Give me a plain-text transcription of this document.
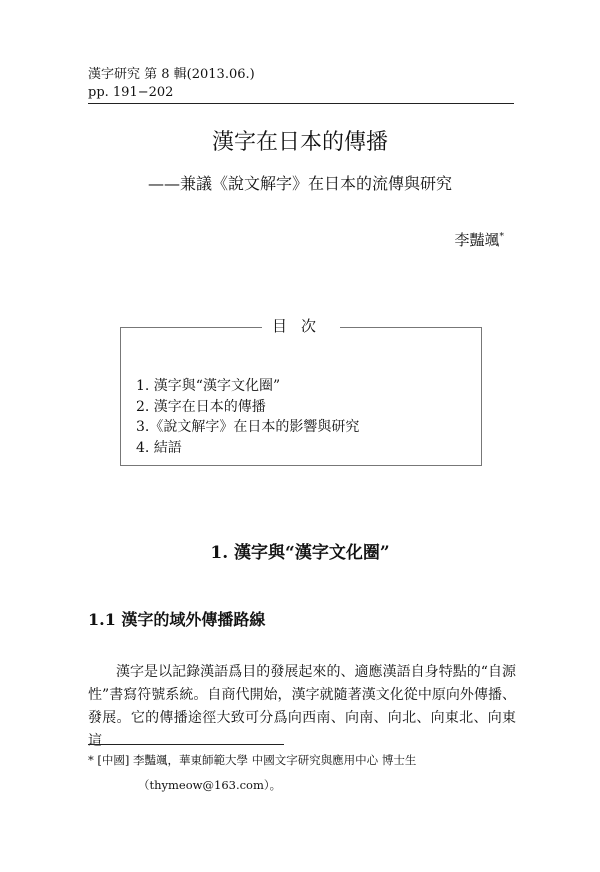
漢字研究 第 8 輯(2013.06.)
pp. 191−202
漢字在日本的傳播
——兼議《說文解字》在日本的流傳與研究
李豔颯*
目次
1. 漢字與“漢字文化圈”
2. 漢字在日本的傳播
3.《說文解字》在日本的影響與研究
4. 結語
1. 漢字與“漢字文化圈”
1.1 漢字的域外傳播路線

漢字是以記錄漢語爲目的發展起來的、適應漢語自身特點的“自源性”書寫符號系統。自商代開始，漢字就隨著漢文化從中原向外傳播、發展。它的傳播途徑大致可分爲向西南、向南、向北、向東北、向東這

* [中國] 李豔颯，華東師範大學 中國文字研究與應用中心 博士生
（thymeow@163.com）。
